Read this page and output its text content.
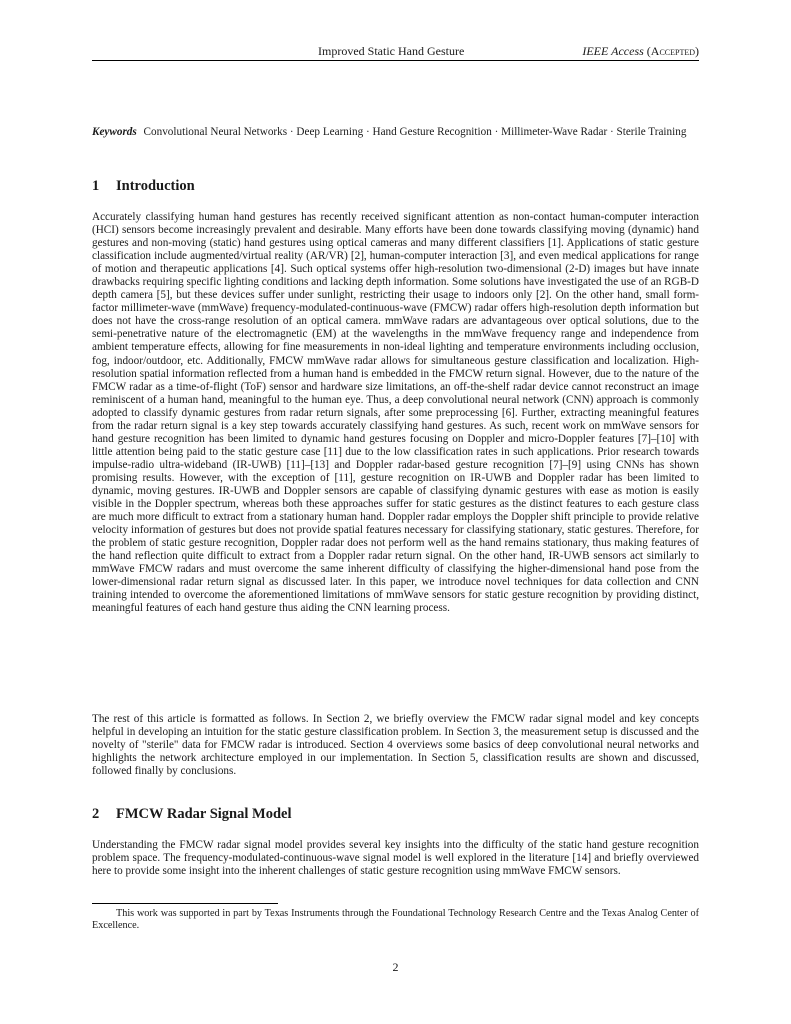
Improved Static Hand Gesture	IEEE Access (Accepted)
Keywords Convolutional Neural Networks · Deep Learning · Hand Gesture Recognition · Millimeter-Wave Radar · Sterile Training
1 Introduction
Accurately classifying human hand gestures has recently received significant attention as non-contact human-computer interaction (HCI) sensors become increasingly prevalent and desirable. Many efforts have been done towards classifying moving (dynamic) hand gestures and non-moving (static) hand gestures using optical cameras and many different classifiers [1]. Applications of static gesture classification include augmented/virtual reality (AR/VR) [2], human-computer interaction [3], and even medical applications for range of motion and therapeutic applications [4]. Such optical systems offer high-resolution two-dimensional (2-D) images but have innate drawbacks requiring specific lighting conditions and lacking depth information. Some solutions have investigated the use of an RGB-D depth camera [5], but these devices suffer under sunlight, restricting their usage to indoors only [2]. On the other hand, small form-factor millimeter-wave (mmWave) frequency-modulated-continuous-wave (FMCW) radar offers high-resolution depth information but does not have the cross-range resolution of an optical camera. mmWave radars are advantageous over optical solutions, due to the semi-penetrative nature of the electromagnetic (EM) at the wavelengths in the mmWave frequency range and independence from ambient temperature effects, allowing for fine measurements in non-ideal lighting and temperature environments including occlusion, fog, indoor/outdoor, etc. Additionally, FMCW mmWave radar allows for simultaneous gesture classification and localization. High-resolution spatial information reflected from a human hand is embedded in the FMCW return signal. However, due to the nature of the FMCW radar as a time-of-flight (ToF) sensor and hardware size limitations, an off-the-shelf radar device cannot reconstruct an image reminiscent of a human hand, meaningful to the human eye. Thus, a deep convolutional neural network (CNN) approach is commonly adopted to classify dynamic gestures from radar return signals, after some preprocessing [6]. Further, extracting meaningful features from the radar return signal is a key step towards accurately classifying hand gestures. As such, recent work on mmWave sensors for hand gesture recognition has been limited to dynamic hand gestures focusing on Doppler and micro-Doppler features [7]–[10] with little attention being paid to the static gesture case [11] due to the low classification rates in such applications. Prior research towards impulse-radio ultra-wideband (IR-UWB) [11]–[13] and Doppler radar-based gesture recognition [7]–[9] using CNNs has shown promising results. However, with the exception of [11], gesture recognition on IR-UWB and Doppler radar has been limited to dynamic, moving gestures. IR-UWB and Doppler sensors are capable of classifying dynamic gestures with ease as motion is easily visible in the Doppler spectrum, whereas both these approaches suffer for static gestures as the distinct features to each gesture class are much more difficult to extract from a stationary human hand. Doppler radar employs the Doppler shift principle to provide relative velocity information of gestures but does not provide spatial features necessary for classifying stationary, static gestures. Therefore, for the problem of static gesture recognition, Doppler radar does not perform well as the hand remains stationary, thus making features of the hand reflection quite difficult to extract from a Doppler radar return signal. On the other hand, IR-UWB sensors act similarly to mmWave FMCW radars and must overcome the same inherent difficulty of classifying the higher-dimensional hand pose from the lower-dimensional radar return signal as discussed later. In this paper, we introduce novel techniques for data collection and CNN training intended to overcome the aforementioned limitations of mmWave sensors for static gesture recognition by providing distinct, meaningful features of each hand gesture thus aiding the CNN learning process.
The rest of this article is formatted as follows. In Section 2, we briefly overview the FMCW radar signal model and key concepts helpful in developing an intuition for the static gesture classification problem. In Section 3, the measurement setup is discussed and the novelty of "sterile" data for FMCW radar is introduced. Section 4 overviews some basics of deep convolutional neural networks and highlights the network architecture employed in our implementation. In Section 5, classification results are shown and discussed, followed finally by conclusions.
2 FMCW Radar Signal Model
Understanding the FMCW radar signal model provides several key insights into the difficulty of the static hand gesture recognition problem space. The frequency-modulated-continuous-wave signal model is well explored in the literature [14] and briefly overviewed here to provide some insight into the inherent challenges of static gesture recognition using mmWave FMCW sensors.
This work was supported in part by Texas Instruments through the Foundational Technology Research Centre and the Texas Analog Center of Excellence.
2
